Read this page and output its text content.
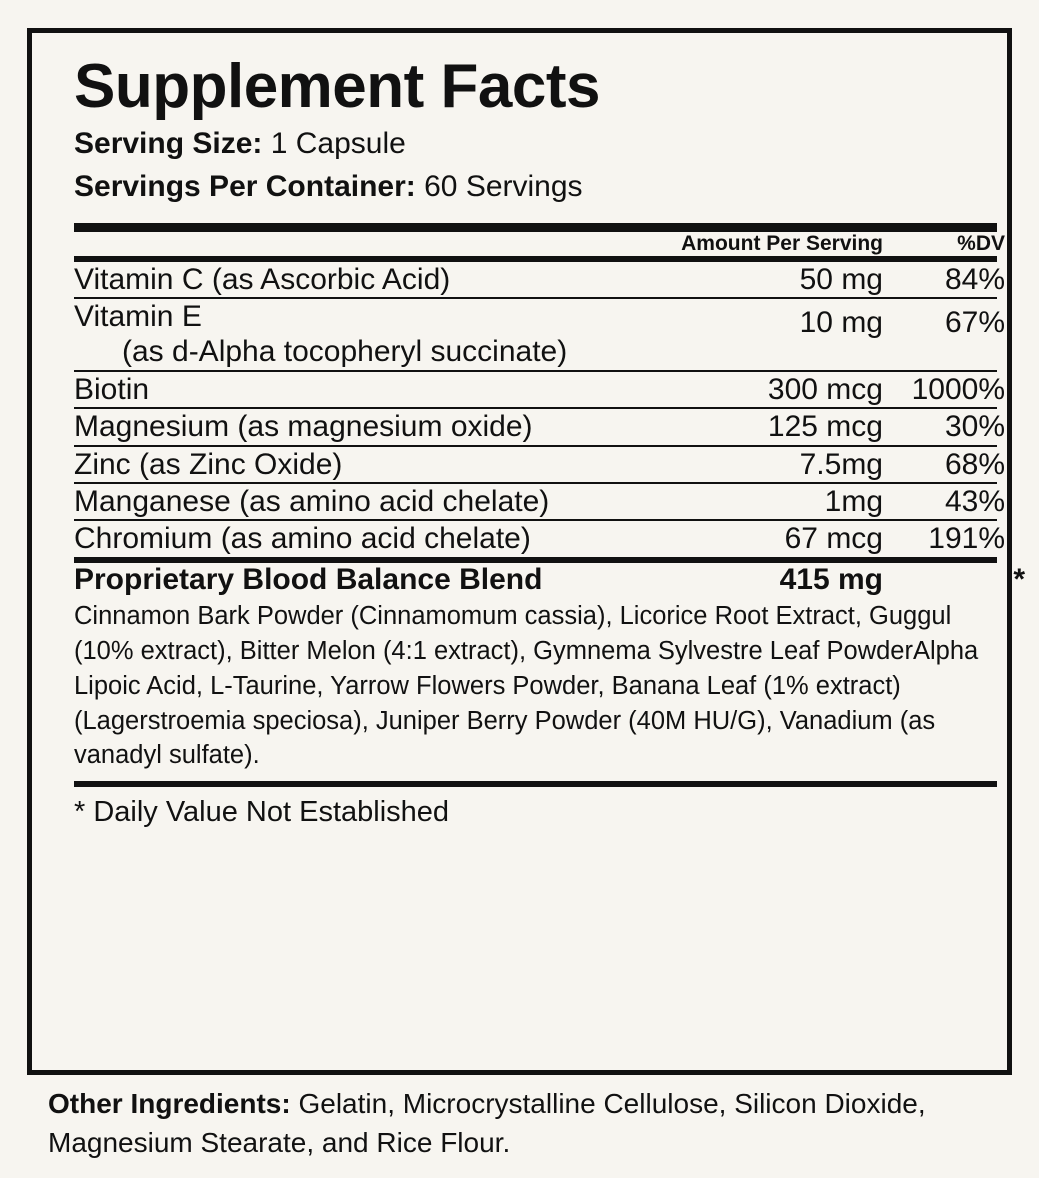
Supplement Facts
Serving Size: 1 Capsule
Servings Per Container: 60 Servings
	Amount Per Serving	%DV
Vitamin C (as Ascorbic Acid)	50 mg	84%
Vitamin E
(as d-Alpha tocopheryl succinate)
	10 mg	67%
Biotin	300 mcg	1000%
Magnesium (as magnesium oxide)	125 mcg	30%
Zinc (as Zinc Oxide)	7.5mg	68%
Manganese (as amino acid chelate)	1mg	43%
Chromium (as amino acid chelate)	67 mcg	191%
Proprietary Blood Balance Blend	415 mg	*
Cinnamon Bark Powder (Cinnamomum cassia), Licorice Root Extract, Guggul (10% extract), Bitter Melon (4:1 extract), Gymnema Sylvestre Leaf PowderAlpha Lipoic Acid, L-Taurine, Yarrow Flowers Powder, Banana Leaf (1% extract) (Lagerstroemia speciosa), Juniper Berry Powder (40M HU/G), Vanadium (as vanadyl sulfate).
* Daily Value Not Established
Other Ingredients: Gelatin, Microcrystalline Cellulose, Silicon Dioxide, Magnesium Stearate, and Rice Flour.
